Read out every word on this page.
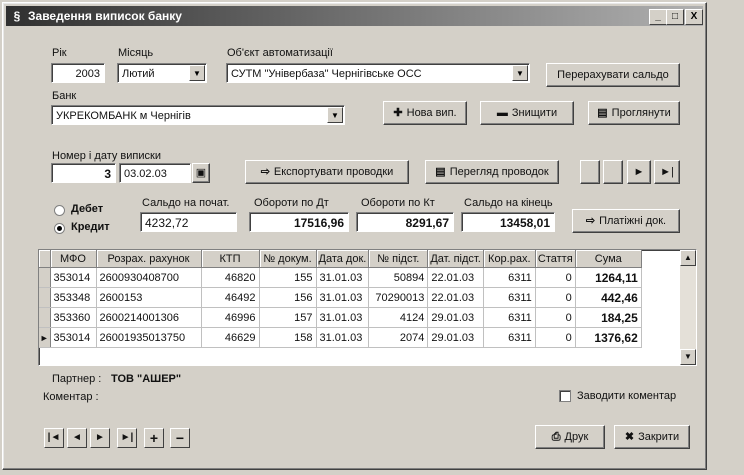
§ Заведення виписок банку	_	□	X
Рік
2003
Місяць
Лютий	▼
Об'єкт автоматизації
СУТМ "Універбаза" Чернігівське ОСС	▼	Перерахувати сальдо
Банк
УКРЕКОМБАНК м Чернігів	▼	✚ Нова вип.	▬ Знищити	▤ Проглянути
Номер і дату виписки
3	03.02.03	▣	⇨ Експортувати проводки	▤ Перегляд проводок	►	►|
Дебет
Кредит
Сальдо на почат.
4232,72
Обороти по Дт
17516,96
Обороти по Кт
8291,67
Сальдо на кінець
13458,01	⇨ Платіжні док.
	МФО	Розрах. рахунок	КТП	№ докум.	Дата док.	№ підст.	Дат. підст.	Кор.рах.	Стаття	Сума
	353014	2600930408700	46820	155	31.01.03	50894	22.01.03	6311	0	1264,11
	353348	2600153	46492	156	31.01.03	70290013	22.01.03	6311	0	442,46
	353360	2600214001306	46996	157	31.01.03	4124	29.01.03	6311	0	184,25
►	353014	26001935013750	46629	158	31.01.03	2074	29.01.03	6311	0	1376,62
▲
▼
Партнер : ТОВ "АШЕР"
Коментар :	Заводити коментар
|◄	◄	►	►|	+	−	⎙ Друк	✖ Закрити
